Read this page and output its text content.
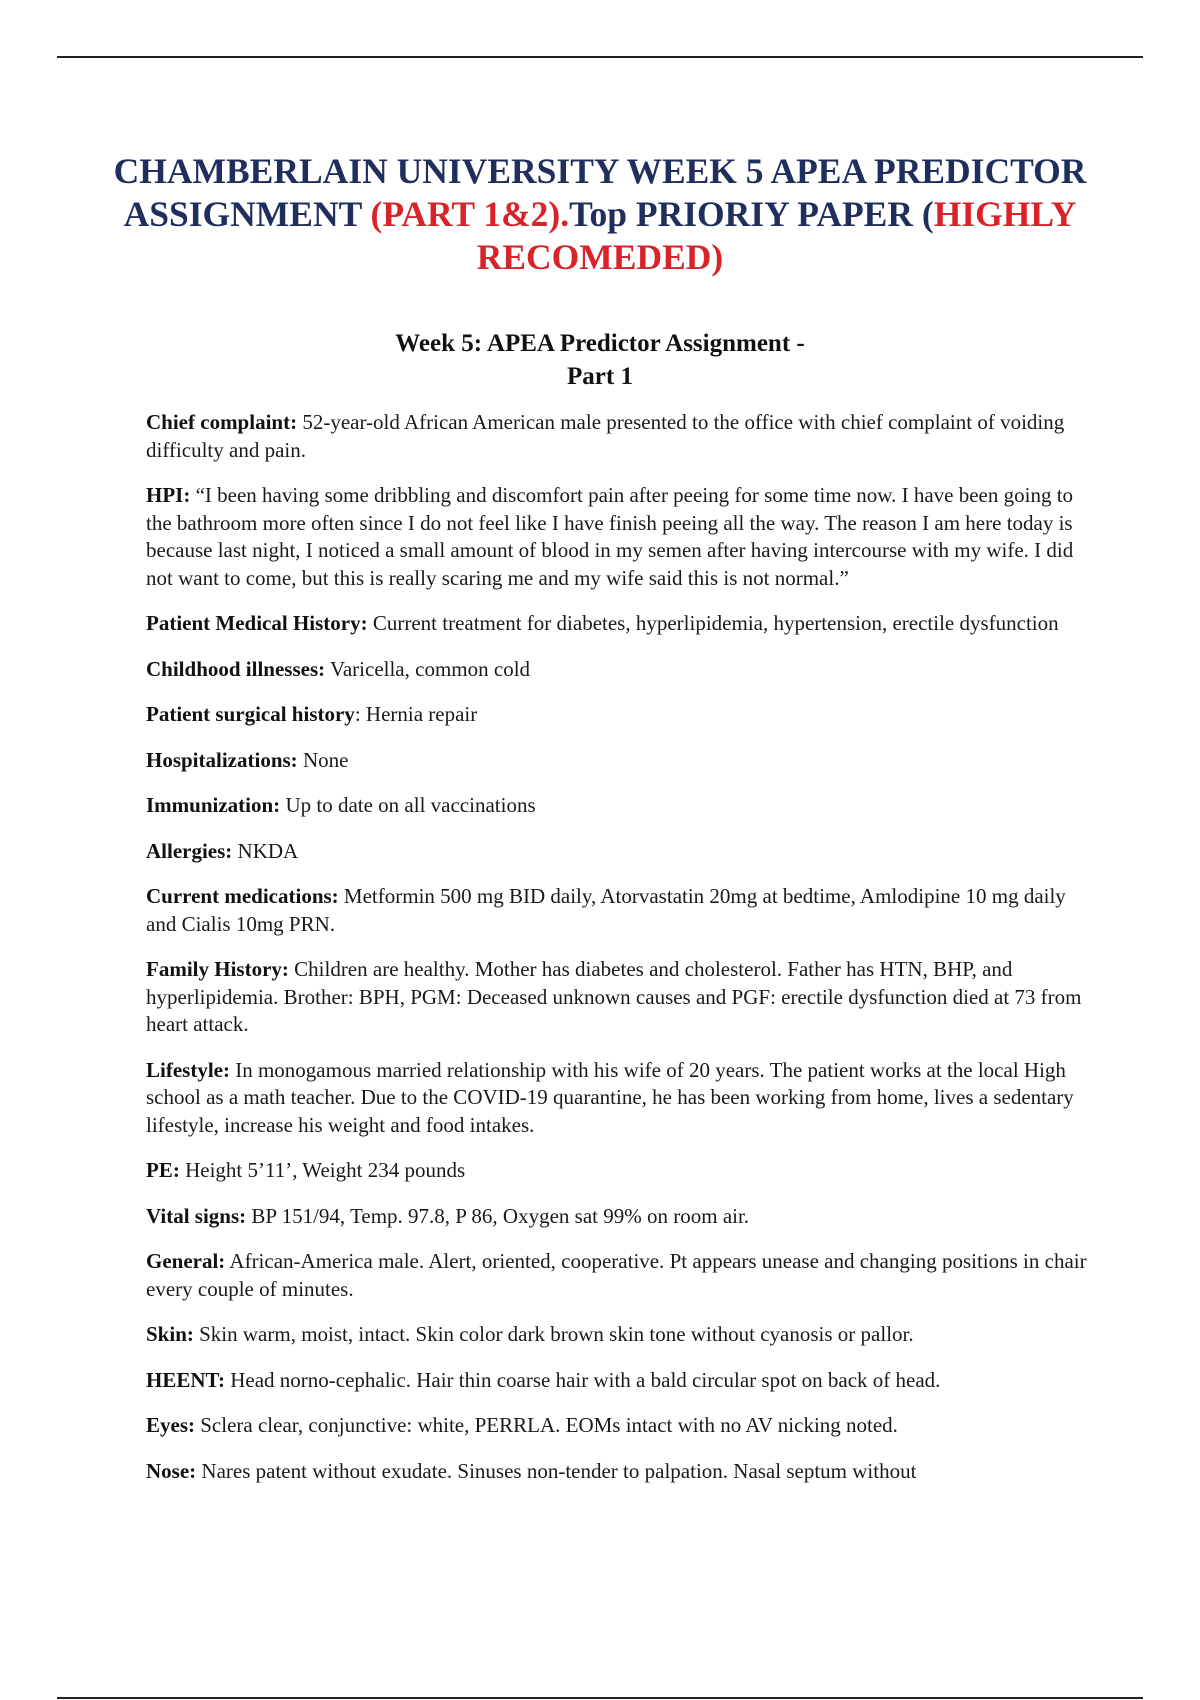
CHAMBERLAIN UNIVERSITY WEEK 5 APEA PREDICTOR ASSIGNMENT (PART 1&2).Top PRIORIY PAPER (HIGHLY RECOMEDED)
Week 5: APEA Predictor Assignment -
Part 1

Chief complaint: 52-year-old African American male presented to the office with chief complaint of voiding difficulty and pain.

HPI: “I been having some dribbling and discomfort pain after peeing for some time now. I have been going to the bathroom more often since I do not feel like I have finish peeing all the way. The reason I am here today is because last night, I noticed a small amount of blood in my semen after having intercourse with my wife. I did not want to come, but this is really scaring me and my wife said this is not normal.”

Patient Medical History: Current treatment for diabetes, hyperlipidemia, hypertension, erectile dysfunction

Childhood illnesses: Varicella, common cold

Patient surgical history: Hernia repair

Hospitalizations: None

Immunization: Up to date on all vaccinations

Allergies: NKDA

Current medications: Metformin 500 mg BID daily, Atorvastatin 20mg at bedtime, Amlodipine 10 mg daily and Cialis 10mg PRN.

Family History: Children are healthy. Mother has diabetes and cholesterol. Father has HTN, BHP, and hyperlipidemia. Brother: BPH, PGM: Deceased unknown causes and PGF: erectile dysfunction died at 73 from heart attack.

Lifestyle: In monogamous married relationship with his wife of 20 years. The patient works at the local High school as a math teacher. Due to the COVID-19 quarantine, he has been working from home, lives a sedentary lifestyle, increase his weight and food intakes.

PE: Height 5’11’, Weight 234 pounds

Vital signs: BP 151/94, Temp. 97.8, P 86, Oxygen sat 99% on room air.

General: African-America male. Alert, oriented, cooperative. Pt appears unease and changing positions in chair every couple of minutes.

Skin: Skin warm, moist, intact. Skin color dark brown skin tone without cyanosis or pallor.

HEENT: Head norno-cephalic. Hair thin coarse hair with a bald circular spot on back of head.

Eyes: Sclera clear, conjunctive: white, PERRLA. EOMs intact with no AV nicking noted.

Nose: Nares patent without exudate. Sinuses non-tender to palpation. Nasal septum without
